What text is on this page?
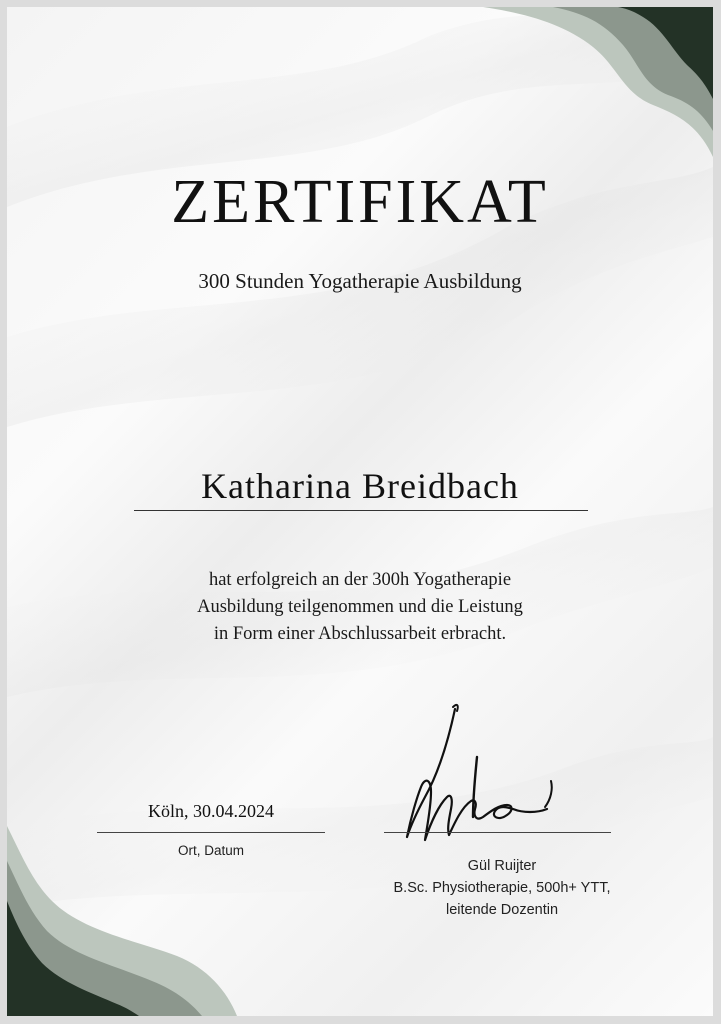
ZERTIFIKAT
300 Stunden Yogatherapie Ausbildung
Katharina Breidbach
hat erfolgreich an der 300h Yogatherapie
Ausbildung teilgenommen und die Leistung
in Form einer Abschlussarbeit erbracht.
Köln, 30.04.2024
Ort, Datum
Gül Ruijter
B.Sc. Physiotherapie, 500h+ YTT,
leitende Dozentin
